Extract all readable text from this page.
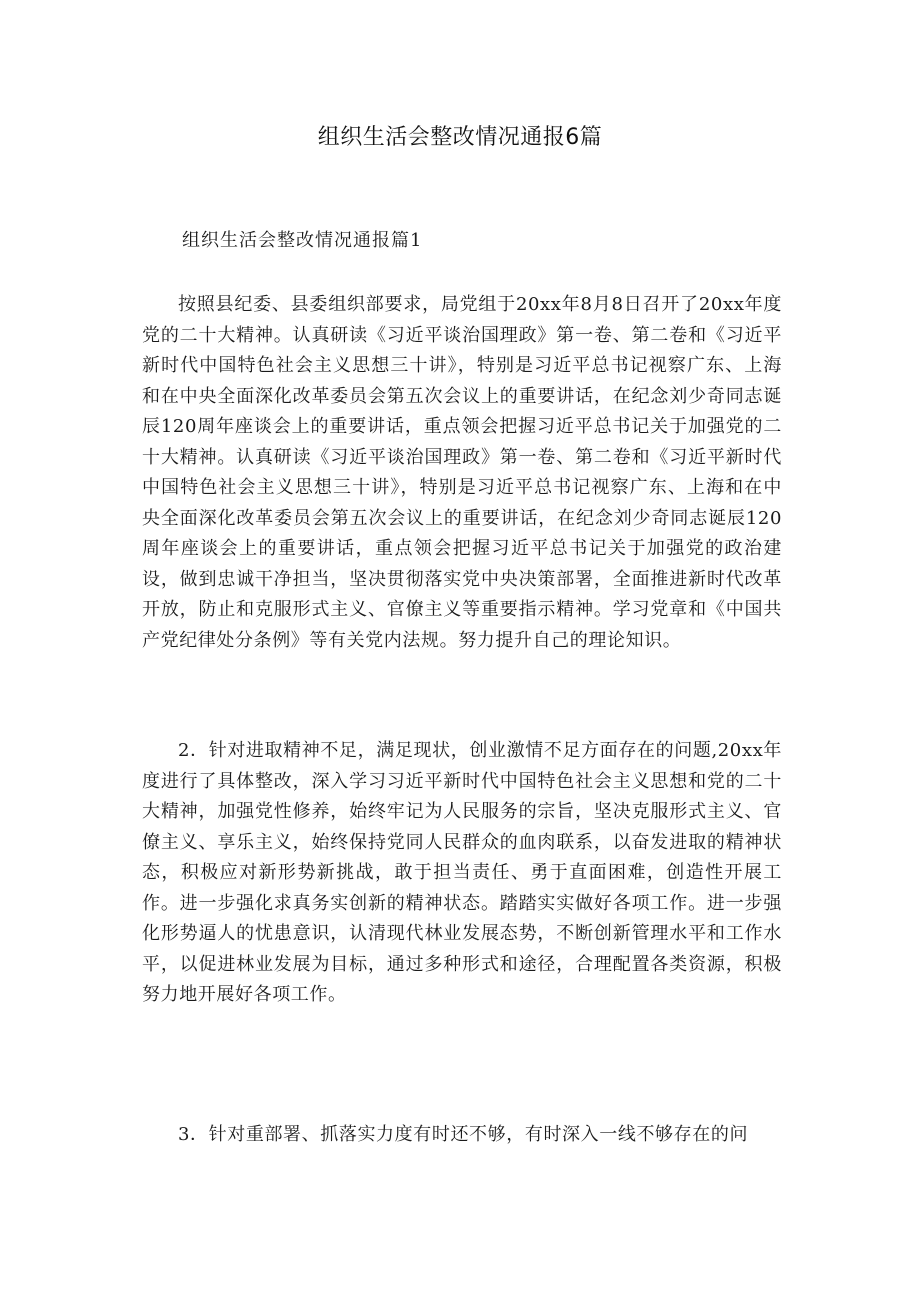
组织生活会整改情况通报6篇
组织生活会整改情况通报篇1

按照县纪委、县委组织部要求，局党组于20xx年8月8日召开了20xx年度党的二十大精神。认真研读《习近平谈治国理政》第一卷、第二卷和《习近平新时代中国特色社会主义思想三十讲》，特别是习近平总书记视察广东、上海和在中央全面深化改革委员会第五次会议上的重要讲话，在纪念刘少奇同志诞辰120周年座谈会上的重要讲话，重点领会把握习近平总书记关于加强党的二十大精神。认真研读《习近平谈治国理政》第一卷、第二卷和《习近平新时代中国特色社会主义思想三十讲》，特别是习近平总书记视察广东、上海和在中央全面深化改革委员会第五次会议上的重要讲话，在纪念刘少奇同志诞辰120周年座谈会上的重要讲话，重点领会把握习近平总书记关于加强党的政治建设，做到忠诚干净担当，坚决贯彻落实党中央决策部署，全面推进新时代改革开放，防止和克服形式主义、官僚主义等重要指示精神。学习党章和《中国共产党纪律处分条例》等有关党内法规。努力提升自己的理论知识。

2．针对进取精神不足，满足现状，创业激情不足方面存在的问题,20xx年度进行了具体整改，深入学习习近平新时代中国特色社会主义思想和党的二十大精神，加强党性修养，始终牢记为人民服务的宗旨，坚决克服形式主义、官僚主义、享乐主义，始终保持党同人民群众的血肉联系，以奋发进取的精神状态，积极应对新形势新挑战，敢于担当责任、勇于直面困难，创造性开展工作。进一步强化求真务实创新的精神状态。踏踏实实做好各项工作。进一步强化形势逼人的忧患意识，认清现代林业发展态势，不断创新管理水平和工作水平，以促进林业发展为目标，通过多种形式和途径，合理配置各类资源，积极努力地开展好各项工作。

3．针对重部署、抓落实力度有时还不够，有时深入一线不够存在的问
